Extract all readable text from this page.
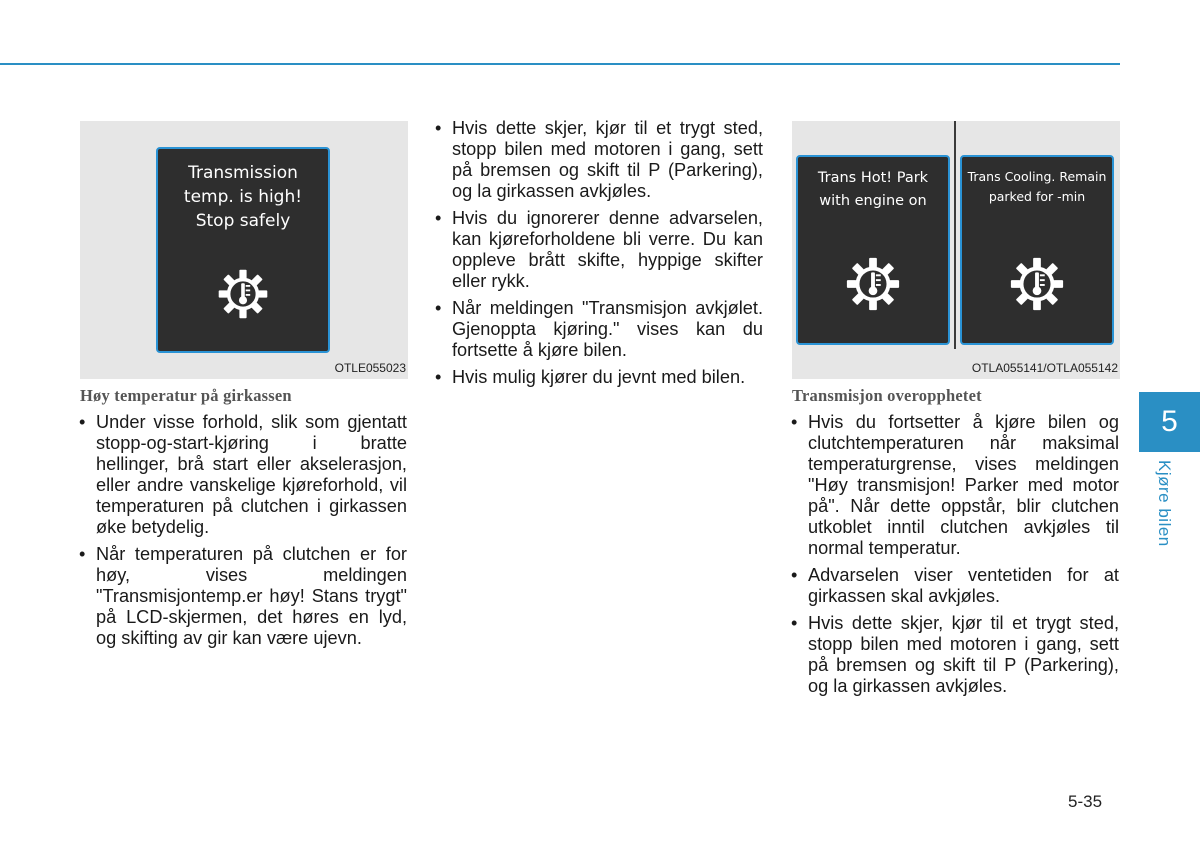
Transmission
temp. is high!
Stop safely
OTLE055023
Trans Hot! Park
with engine on
Trans Cooling. Remain
parked for -min
OTLA055141/OTLA055142
Høy temperatur på girkassen	Transmisjon overopphetet
• Under visse forhold, slik som gjentatt stopp-og-start-kjøring i bratte hellinger, brå start eller akselerasjon, eller andre vanskelige kjøreforhold, vil temperaturen på clutchen i girkassen øke betydelig.
• Når temperaturen på clutchen er for høy, vises meldingen "Transmisjontemp.er høy! Stans trygt" på LCD-skjermen, det høres en lyd, og skifting av gir kan være ujevn.
• Hvis dette skjer, kjør til et trygt sted, stopp bilen med motoren i gang, sett på bremsen og skift til P (Parkering), og la girkassen avkjøles.
• Hvis du ignorerer denne advarselen, kan kjøreforholdene bli verre. Du kan oppleve brått skifte, hyppige skifter eller rykk.
• Når meldingen "Transmisjon avkjølet. Gjenoppta kjøring." vises kan du fortsette å kjøre bilen.
• Hvis mulig kjører du jevnt med bilen.
• Hvis du fortsetter å kjøre bilen og clutchtemperaturen når maksimal temperaturgrense, vises meldingen "Høy transmisjon! Parker med motor på". Når dette oppstår, blir clutchen utkoblet inntil clutchen avkjøles til normal temperatur.
• Advarselen viser ventetiden for at girkassen skal avkjøles.
• Hvis dette skjer, kjør til et trygt sted, stopp bilen med motoren i gang, sett på bremsen og skift til P (Parkering), og la girkassen avkjøles.
5
Kjøre bilen
5-35
